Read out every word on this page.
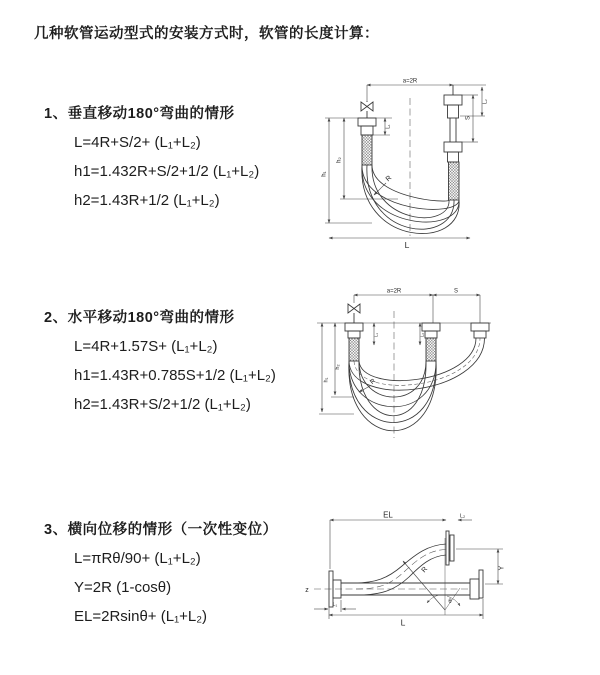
几种软管运动型式的安装方式时，软管的长度计算：
1、垂直移动180°弯曲的情形
L=4R+S/2+ (L₁+L₂)
h1=1.432R+S/2+1/2 (L₁+L₂)
h2=1.43R+1/2 (L₁+L₂)
2、水平移动180°弯曲的情形
L=4R+1.57S+ (L₁+L₂)
h1=1.43R+0.785S+1/2 (L₁+L₂)
h2=1.43R+S/2+1/2 (L₁+L₂)
3、横向位移的情形（一次性变位）
L=πRθ/90+ (L₁+L₂)
Y=2R (1-cosθ)
EL=2Rsinθ+ (L₁+L₂)
a=2R
h₁
h₂
L₁
S
L₂
R
L
a=2R	S
h₁
h₂
L₁	L₂
R
EL	L₂
Y
R
θ
L
L₁
z
